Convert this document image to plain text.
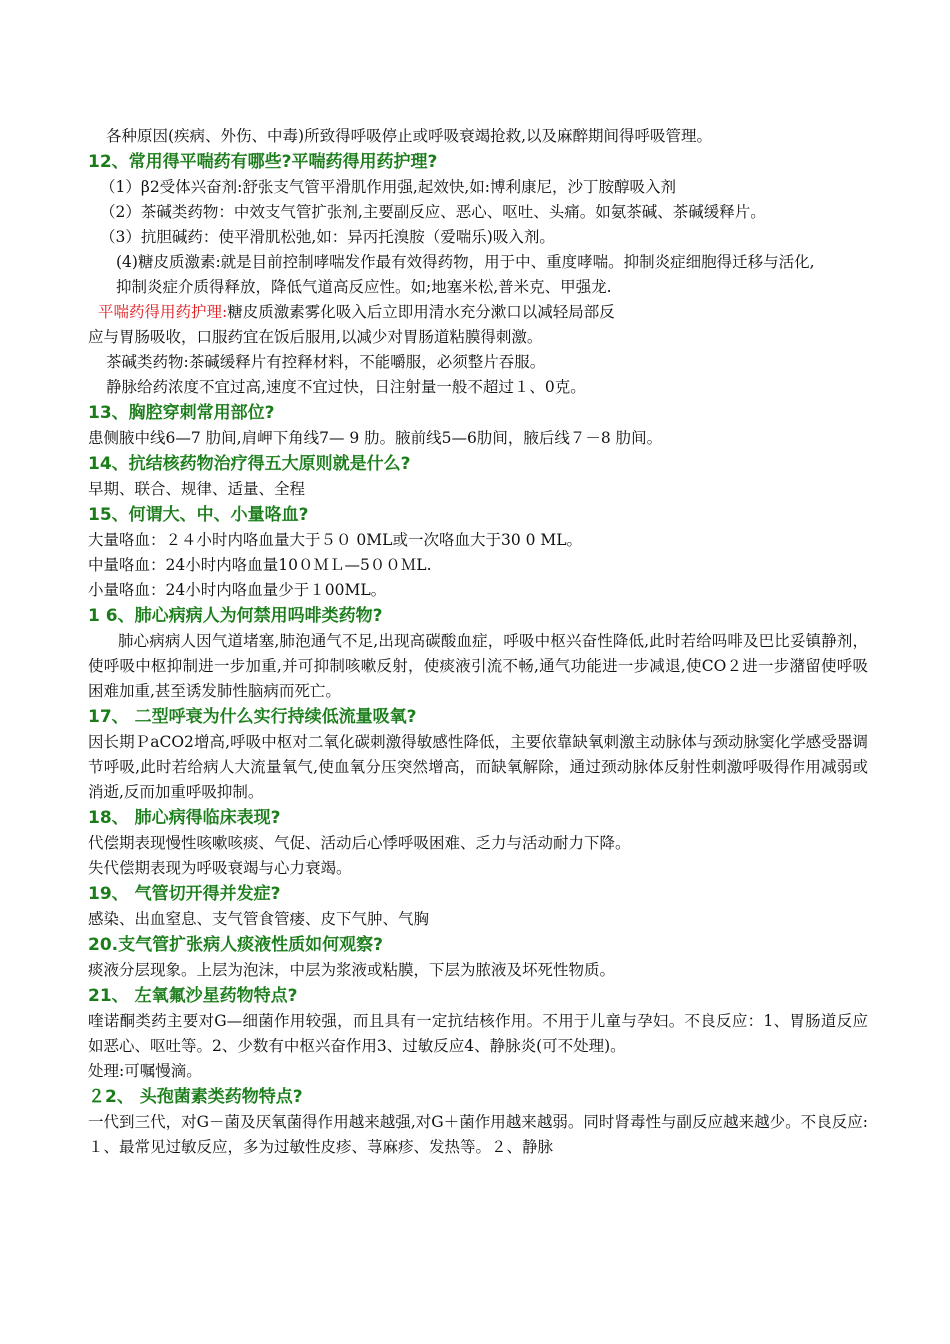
各种原因(疾病、外伤、中毒)所致得呼吸停止或呼吸衰竭抢救,以及麻醉期间得呼吸管理。

12、常用得平喘药有哪些?平喘药得用药护理?

（1）β2受体兴奋剂:舒张支气管平滑肌作用强,起效快,如:博利康尼，沙丁胺醇吸入剂

（2）茶碱类药物：中效支气管扩张剂,主要副反应、恶心、呕吐、头痛。如氨茶碱、茶碱缓释片。

（3）抗胆碱药：使平滑肌松弛,如：异丙托溴胺（爱喘乐)吸入剂。

(4)糖皮质激素:就是目前控制哮喘发作最有效得药物，用于中、重度哮喘。抑制炎症细胞得迁移与活化,

抑制炎症介质得释放，降低气道高反应性。如;地塞米松,普米克、甲强龙.

平喘药得用药护理:糖皮质激素雾化吸入后立即用清水充分漱口以减轻局部反

应与胃肠吸收，口服药宜在饭后服用,以减少对胃肠道粘膜得刺激。

茶碱类药物:茶碱缓释片有控释材料，不能嚼服，必须整片吞服。

静脉给药浓度不宜过高,速度不宜过快，日注射量一般不超过１、0克。

13、胸腔穿刺常用部位?

患侧腋中线6—7 肋间,肩岬下角线7— 9 肋。腋前线5—6肋间，腋后线７－8 肋间。

14、抗结核药物治疗得五大原则就是什么?

早期、联合、规律、适量、全程

15、何谓大、中、小量咯血?

大量咯血：２４小时内咯血量大于５０ 0ML或一次咯血大于30 0 ML。

中量咯血：24小时内咯血量10０ＭＬ—5００ＭL.

小量咯血：24小时内咯血量少于１00ML。

1 6、肺心病病人为何禁用吗啡类药物?

肺心病病人因气道堵塞,肺泡通气不足,出现高碳酸血症，呼吸中枢兴奋性降低,此时若给吗啡及巴比妥镇静剂，使呼吸中枢抑制进一步加重,并可抑制咳嗽反射，使痰液引流不畅,通气功能进一步减退,使CO２进一步潴留使呼吸困难加重,甚至诱发肺性脑病而死亡。

17、 二型呼衰为什么实行持续低流量吸氧?

因长期ＰaCO2增高,呼吸中枢对二氧化碳刺激得敏感性降低，主要依靠缺氧刺激主动脉体与颈动脉窦化学感受器调节呼吸,此时若给病人大流量氧气,使血氧分压突然增高，而缺氧解除，通过颈动脉体反射性刺激呼吸得作用减弱或消逝,反而加重呼吸抑制。

18、 肺心病得临床表现?

代偿期表现慢性咳嗽咳痰、气促、活动后心悸呼吸困难、乏力与活动耐力下降。

失代偿期表现为呼吸衰竭与心力衰竭。

19、 气管切开得并发症?

感染、出血窒息、支气管食管瘘、皮下气肿、气胸

20.支气管扩张病人痰液性质如何观察?

痰液分层现象。上层为泡沫，中层为浆液或粘膜，下层为脓液及坏死性物质。

21、 左氧氟沙星药物特点?

喹诺酮类药主要对G—细菌作用较强，而且具有一定抗结核作用。不用于儿童与孕妇。不良反应：1、胃肠道反应如恶心、呕吐等。2、少数有中枢兴奋作用3、过敏反应4、静脉炎(可不处理)。

处理:可嘱慢滴。

２2、 头孢菌素类药物特点?

一代到三代，对G－菌及厌氧菌得作用越来越强,对G＋菌作用越来越弱。同时肾毒性与副反应越来越少。不良反应:１、最常见过敏反应，多为过敏性皮疹、荨麻疹、发热等。２、静脉
